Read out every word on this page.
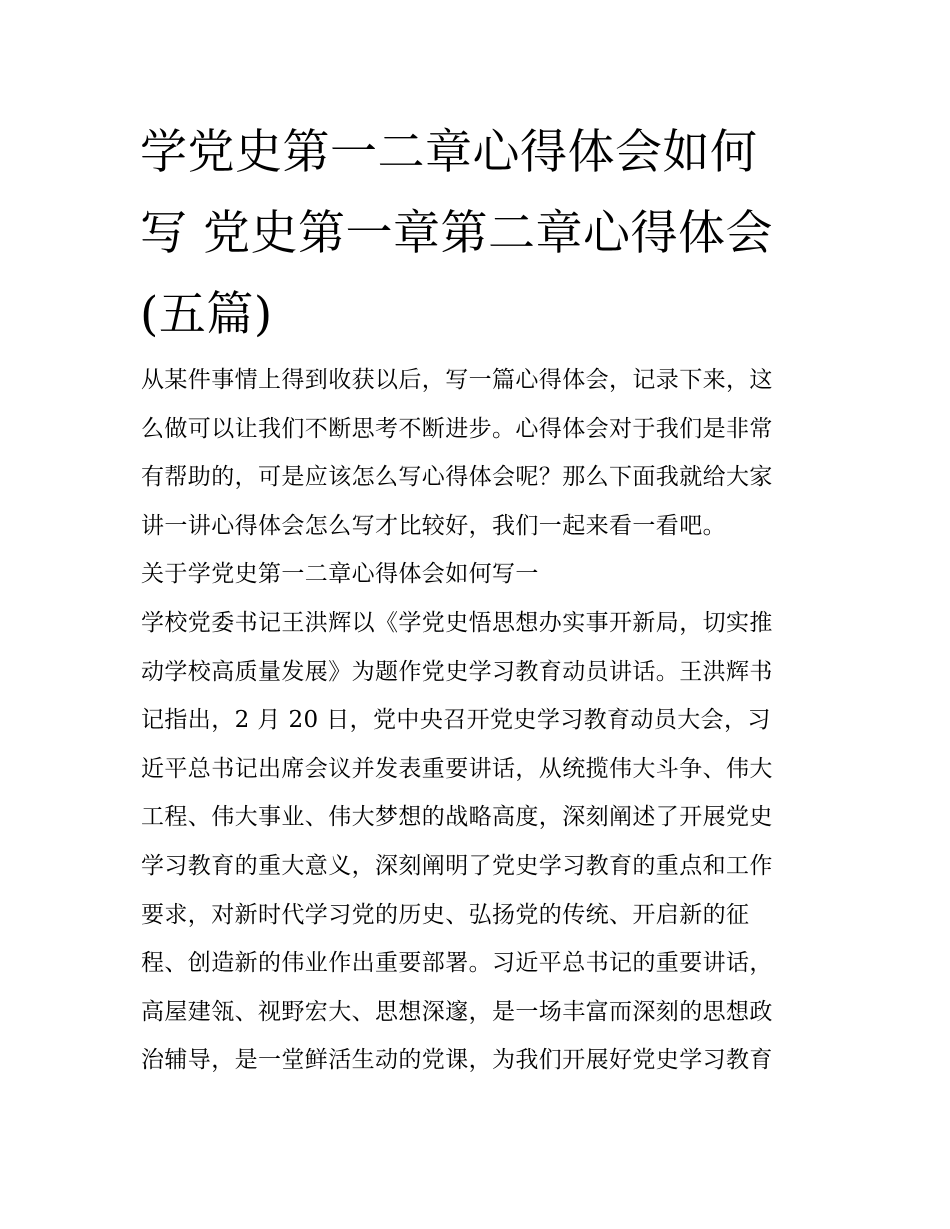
学党史第一二章心得体会如何
写 党史第一章第二章心得体会
(五篇)
从某件事情上得到收获以后，写一篇心得体会，记录下来，这
么做可以让我们不断思考不断进步。心得体会对于我们是非常
有帮助的，可是应该怎么写心得体会呢？那么下面我就给大家
讲一讲心得体会怎么写才比较好，我们一起来看一看吧。
关于学党史第一二章心得体会如何写一
学校党委书记王洪辉以《学党史悟思想办实事开新局，切实推
动学校高质量发展》为题作党史学习教育动员讲话。王洪辉书
记指出，2 月 20 日，党中央召开党史学习教育动员大会，习
近平总书记出席会议并发表重要讲话，从统揽伟大斗争、伟大
工程、伟大事业、伟大梦想的战略高度，深刻阐述了开展党史
学习教育的重大意义，深刻阐明了党史学习教育的重点和工作
要求，对新时代学习党的历史、弘扬党的传统、开启新的征
程、创造新的伟业作出重要部署。习近平总书记的重要讲话，
高屋建瓴、视野宏大、思想深邃，是一场丰富而深刻的思想政
治辅导，是一堂鲜活生动的党课，为我们开展好党史学习教育
